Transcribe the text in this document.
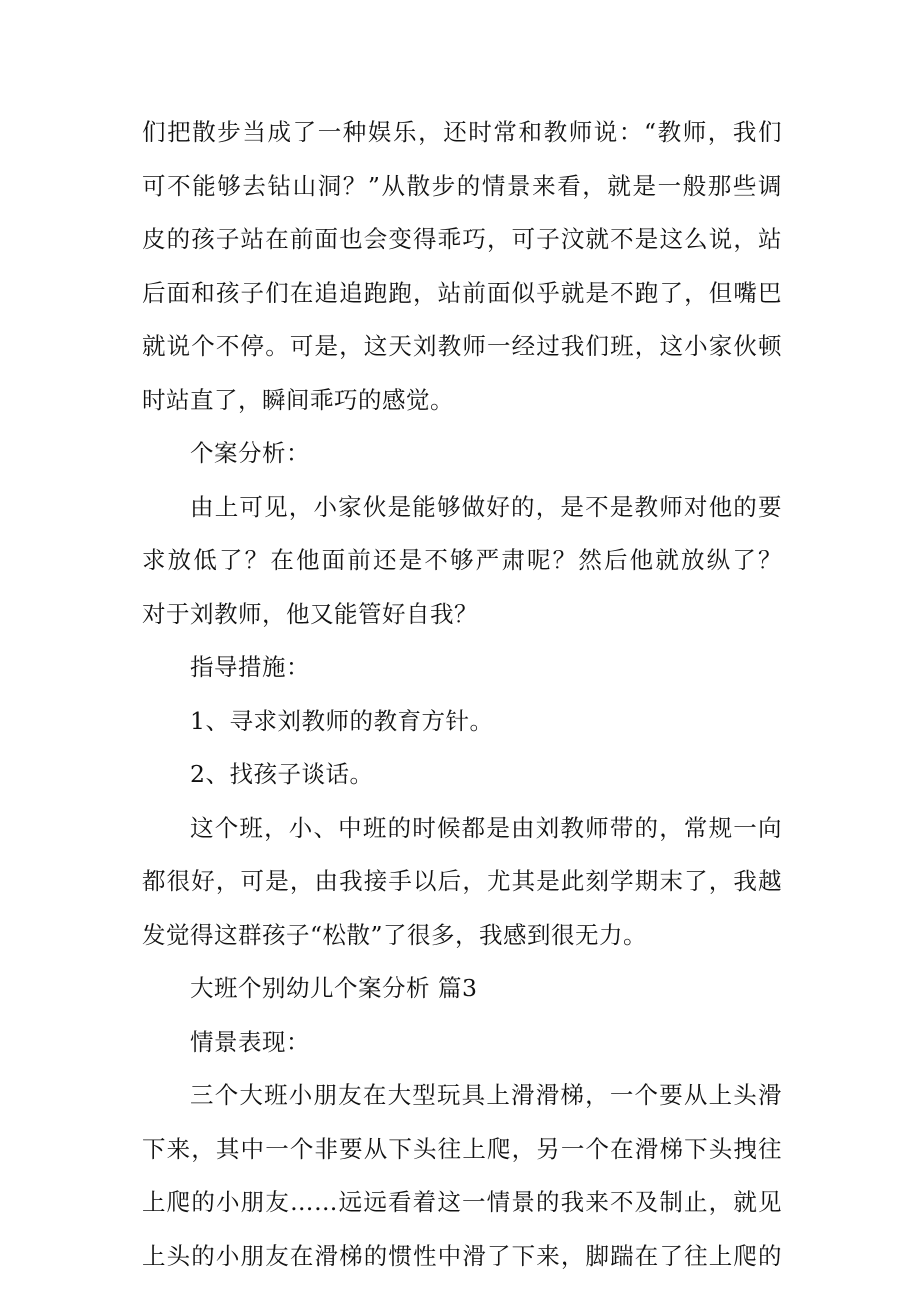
们把散步当成了一种娱乐，还时常和教师说：“教师，我们
可不能够去钻山洞？”从散步的情景来看，就是一般那些调
皮的孩子站在前面也会变得乖巧，可子汶就不是这么说，站
后面和孩子们在追追跑跑，站前面似乎就是不跑了，但嘴巴
就说个不停。可是，这天刘教师一经过我们班，这小家伙顿
时站直了，瞬间乖巧的感觉。
个案分析：
由上可见，小家伙是能够做好的，是不是教师对他的要
求放低了？在他面前还是不够严肃呢？然后他就放纵了？
对于刘教师，他又能管好自我？
指导措施：
1、寻求刘教师的教育方针。
2、找孩子谈话。
这个班，小、中班的时候都是由刘教师带的，常规一向
都很好，可是，由我接手以后，尤其是此刻学期末了，我越
发觉得这群孩子“松散”了很多，我感到很无力。
大班个别幼儿个案分析 篇3
情景表现：
三个大班小朋友在大型玩具上滑滑梯，一个要从上头滑
下来，其中一个非要从下头往上爬，另一个在滑梯下头拽往
上爬的小朋友……远远看着这一情景的我来不及制止，就见
上头的小朋友在滑梯的惯性中滑了下来，脚踹在了往上爬的
